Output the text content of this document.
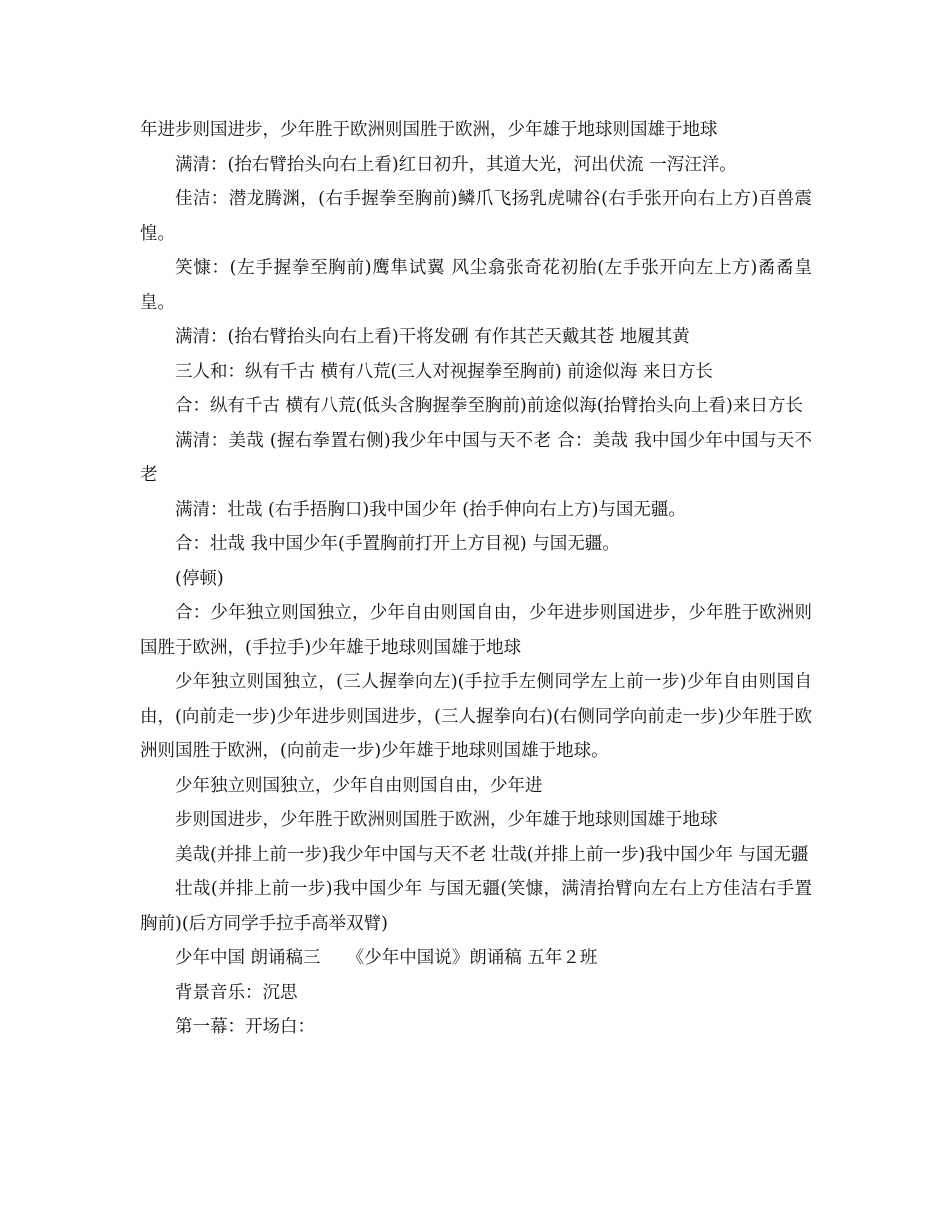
年进步则国进步，少年胜于欧洲则国胜于欧洲，少年雄于地球则国雄于地球

满清：(抬右臂抬头向右上看)红日初升，其道大光，河出伏流 一泻汪洋。

佳洁：潜龙腾渊，(右手握拳至胸前)鳞爪飞扬乳虎啸谷(右手张开向右上方)百兽震惶。

笑慷：(左手握拳至胸前)鹰隼试翼 风尘翕张奇花初胎(左手张开向左上方)矞矞皇皇。

满清：(抬右臂抬头向右上看)干将发硎 有作其芒天戴其苍 地履其黄

三人和：纵有千古 横有八荒(三人对视握拳至胸前) 前途似海 来日方长

合：纵有千古 横有八荒(低头含胸握拳至胸前)前途似海(抬臂抬头向上看)来日方长

满清：美哉 (握右拳置右侧)我少年中国与天不老 合：美哉 我中国少年中国与天不老

满清：壮哉 (右手捂胸口)我中国少年 (抬手伸向右上方)与国无疆。

合：壮哉 我中国少年(手置胸前打开上方目视) 与国无疆。

(停顿)

合：少年独立则国独立，少年自由则国自由，少年进步则国进步，少年胜于欧洲则国胜于欧洲，(手拉手)少年雄于地球则国雄于地球

少年独立则国独立，(三人握拳向左)(手拉手左侧同学左上前一步)少年自由则国自由，(向前走一步)少年进步则国进步，(三人握拳向右)(右侧同学向前走一步)少年胜于欧洲则国胜于欧洲，(向前走一步)少年雄于地球则国雄于地球。

少年独立则国独立，少年自由则国自由，少年进

步则国进步，少年胜于欧洲则国胜于欧洲，少年雄于地球则国雄于地球

美哉(并排上前一步)我少年中国与天不老 壮哉(并排上前一步)我中国少年 与国无疆

壮哉(并排上前一步)我中国少年 与国无疆(笑慷，满清抬臂向左右上方佳洁右手置胸前)(后方同学手拉手高举双臂)

少年中国 朗诵稿三　　《少年中国说》朗诵稿 五年２班

背景音乐：沉思

第一幕：开场白：
